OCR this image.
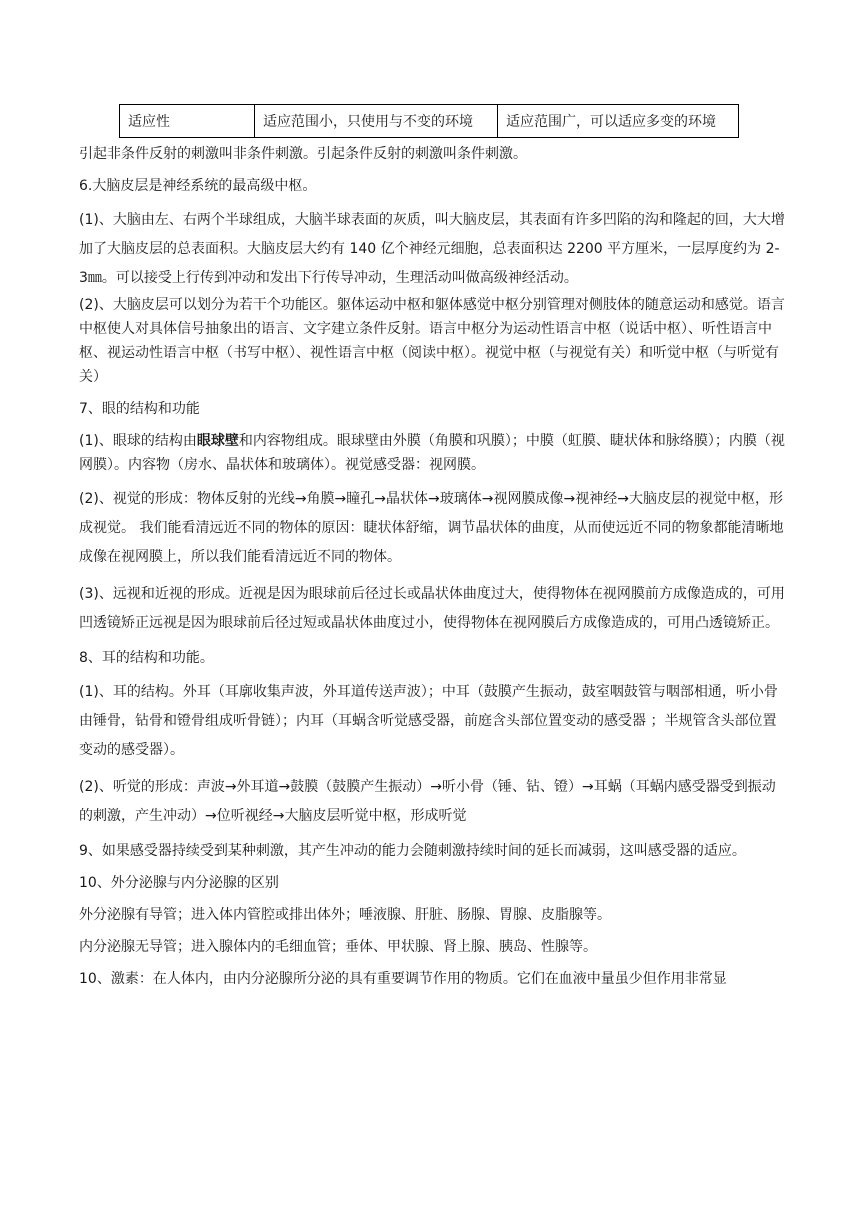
适应性	适应范围小，只使用与不变的环境	适应范围广，可以适应多变的环境

引起非条件反射的刺激叫非条件刺激。引起条件反射的刺激叫条件刺激。

6.大脑皮层是神经系统的最高级中枢。

(1)、大脑由左、右两个半球组成，大脑半球表面的灰质，叫大脑皮层，其表面有许多凹陷的沟和隆起的回，大大增加了大脑皮层的总表面积。大脑皮层大约有 140 亿个神经元细胞，总表面积达 2200 平方厘米，一层厚度约为 2-3㎜。可以接受上行传到冲动和发出下行传导冲动，生理活动叫做高级神经活动。

(2)、大脑皮层可以划分为若干个功能区。躯体运动中枢和躯体感觉中枢分别管理对侧肢体的随意运动和感觉。语言中枢使人对具体信号抽象出的语言、文字建立条件反射。语言中枢分为运动性语言中枢（说话中枢）、听性语言中枢、视运动性语言中枢（书写中枢）、视性语言中枢（阅读中枢）。视觉中枢（与视觉有关）和听觉中枢（与听觉有关）

7、眼的结构和功能

(1)、眼球的结构由眼球壁和内容物组成。眼球壁由外膜（角膜和巩膜）；中膜（虹膜、睫状体和脉络膜）；内膜（视网膜）。内容物（房水、晶状体和玻璃体）。视觉感受器：视网膜。

(2)、视觉的形成：物体反射的光线→角膜→瞳孔→晶状体→玻璃体→视网膜成像→视神经→大脑皮层的视觉中枢，形成视觉。 我们能看清远近不同的物体的原因：睫状体舒缩，调节晶状体的曲度，从而使远近不同的物象都能清晰地成像在视网膜上，所以我们能看清远近不同的物体。

(3)、远视和近视的形成。近视是因为眼球前后径过长或晶状体曲度过大，使得物体在视网膜前方成像造成的，可用凹透镜矫正远视是因为眼球前后径过短或晶状体曲度过小，使得物体在视网膜后方成像造成的，可用凸透镜矫正。

8、耳的结构和功能。

(1)、耳的结构。外耳（耳廓收集声波，外耳道传送声波）；中耳（鼓膜产生振动，鼓室咽鼓管与咽部相通，听小骨由锤骨，钻骨和镫骨组成听骨链）；内耳（耳蜗含听觉感受器，前庭含头部位置变动的感受器 ；半规管含头部位置变动的感受器）。

(2)、听觉的形成：声波→外耳道→鼓膜（鼓膜产生振动）→听小骨（锤、钻、镫）→耳蜗（耳蜗内感受器受到振动的刺激，产生冲动）→位听视经→大脑皮层听觉中枢，形成听觉

9、如果感受器持续受到某种刺激，其产生冲动的能力会随刺激持续时间的延长而减弱，这叫感受器的适应。

10、外分泌腺与内分泌腺的区别

外分泌腺有导管；进入体内管腔或排出体外；唾液腺、肝脏、肠腺、胃腺、皮脂腺等。

内分泌腺无导管；进入腺体内的毛细血管；垂体、甲状腺、肾上腺、胰岛、性腺等。

10、激素：在人体内，由内分泌腺所分泌的具有重要调节作用的物质。它们在血液中量虽少但作用非常显
